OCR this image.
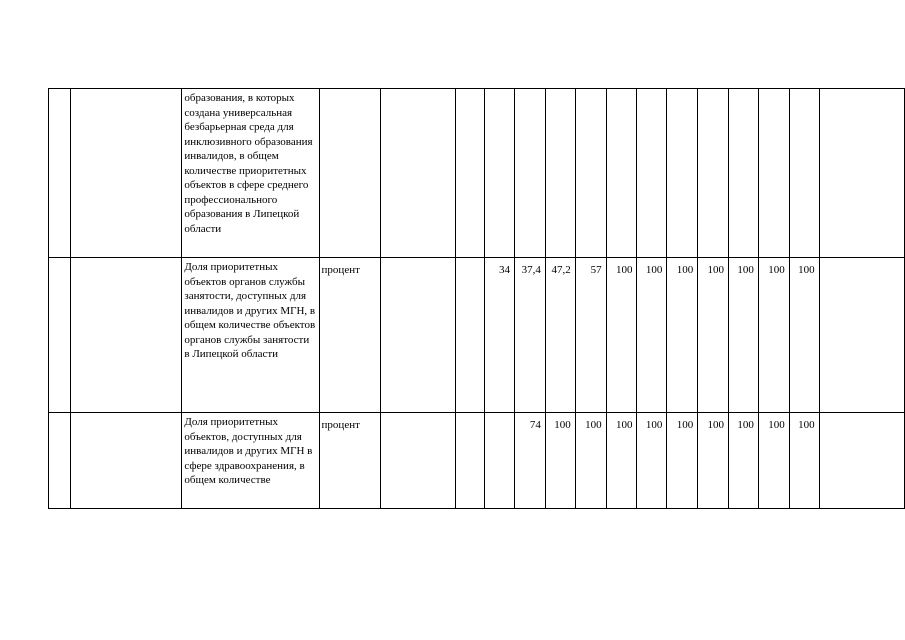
		образования, в которых создана универсальная безбарьерная среда для инклюзивного образования инвалидов, в общем количестве приоритетных объектов в сфере среднего профессионального образования в Липецкой области															
		Доля приоритетных объектов органов службы занятости, доступных для инвалидов и других МГН, в общем количестве объектов органов службы занятости в Липецкой области	процент			34	37,4	47,2	57	100	100	100	100	100	100	100	
		Доля приоритетных объектов, доступных для инвалидов и других МГН в сфере здравоохранения, в общем количестве	процент				74	100	100	100	100	100	100	100	100	100	
